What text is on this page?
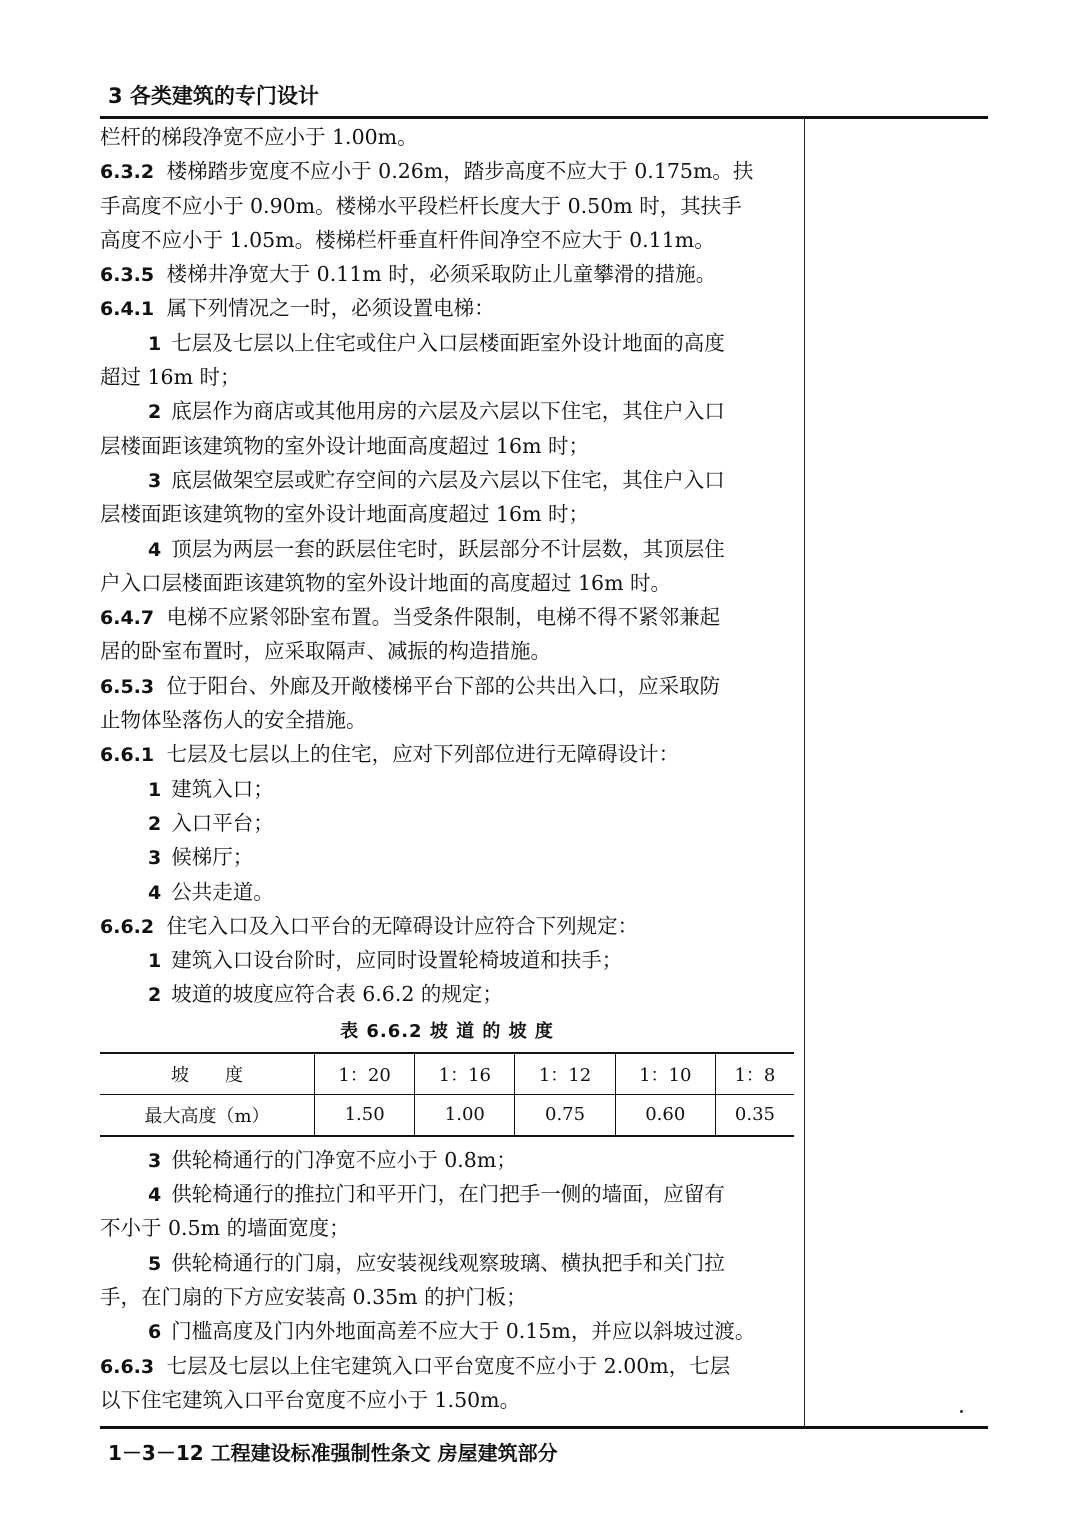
3 各类建筑的专门设计
栏杆的梯段净宽不应小于 1.00m。
6.3.2 楼梯踏步宽度不应小于 0.26m，踏步高度不应大于 0.175m。扶
手高度不应小于 0.90m。楼梯水平段栏杆长度大于 0.50m 时，其扶手
高度不应小于 1.05m。楼梯栏杆垂直杆件间净空不应大于 0.11m。
6.3.5 楼梯井净宽大于 0.11m 时，必须采取防止儿童攀滑的措施。
6.4.1 属下列情况之一时，必须设置电梯：
1 七层及七层以上住宅或住户入口层楼面距室外设计地面的高度
超过 16m 时；
2 底层作为商店或其他用房的六层及六层以下住宅，其住户入口
层楼面距该建筑物的室外设计地面高度超过 16m 时；
3 底层做架空层或贮存空间的六层及六层以下住宅，其住户入口
层楼面距该建筑物的室外设计地面高度超过 16m 时；
4 顶层为两层一套的跃层住宅时，跃层部分不计层数，其顶层住
户入口层楼面距该建筑物的室外设计地面的高度超过 16m 时。
6.4.7 电梯不应紧邻卧室布置。当受条件限制，电梯不得不紧邻兼起
居的卧室布置时，应采取隔声、减振的构造措施。
6.5.3 位于阳台、外廊及开敞楼梯平台下部的公共出入口，应采取防
止物体坠落伤人的安全措施。
6.6.1 七层及七层以上的住宅，应对下列部位进行无障碍设计：
1 建筑入口；
2 入口平台；
3 候梯厅；
4 公共走道。
6.6.2 住宅入口及入口平台的无障碍设计应符合下列规定：
1 建筑入口设台阶时，应同时设置轮椅坡道和扶手；
2 坡道的坡度应符合表 6.6.2 的规定；
表 6.6.2 坡 道 的 坡 度
坡　　度	1：20	1：16	1：12	1：10	1：8
最大高度（m）	1.50	1.00	0.75	0.60	0.35
3 供轮椅通行的门净宽不应小于 0.8m；
4 供轮椅通行的推拉门和平开门，在门把手一侧的墙面，应留有
不小于 0.5m 的墙面宽度；
5 供轮椅通行的门扇，应安装视线观察玻璃、横执把手和关门拉
手，在门扇的下方应安装高 0.35m 的护门板；
6 门槛高度及门内外地面高差不应大于 0.15m，并应以斜坡过渡。
6.6.3 七层及七层以上住宅建筑入口平台宽度不应小于 2.00m，七层
以下住宅建筑入口平台宽度不应小于 1.50m。
1－3－12 工程建设标准强制性条文 房屋建筑部分
